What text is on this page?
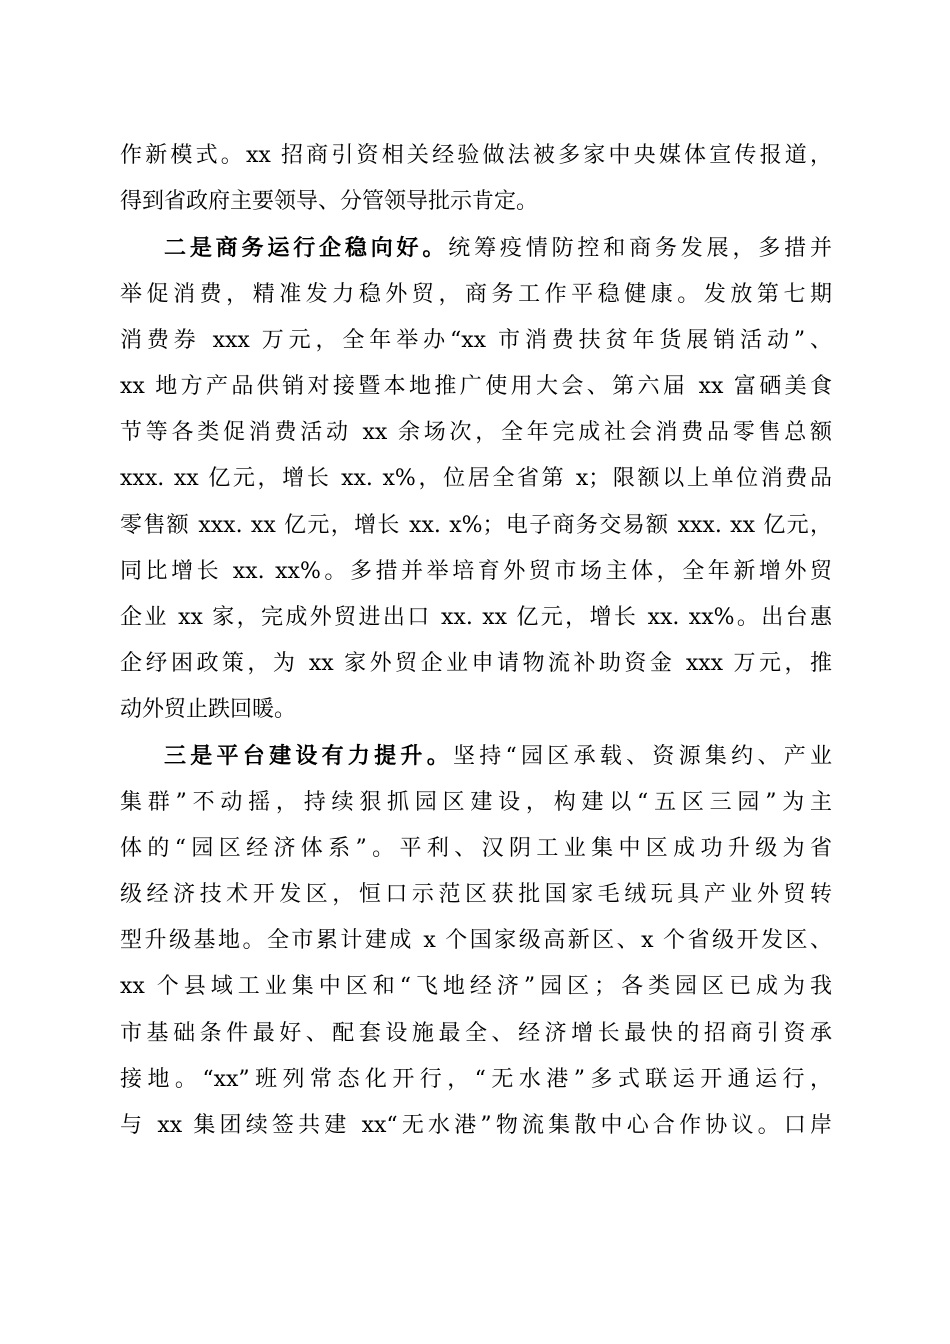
作新模式。xx 招商引资相关经验做法被多家中央媒体宣传报道，
得到省政府主要领导、分管领导批示肯定。
二是商务运行企稳向好。统筹疫情防控和商务发展，多措并
举促消费，精准发力稳外贸，商务工作平稳健康。发放第七期
消费券 xxx 万元，全年举办“xx 市消费扶贫年货展销活动”、
xx 地方产品供销对接暨本地推广使用大会、第六届 xx 富硒美食
节等各类促消费活动 xx 余场次，全年完成社会消费品零售总额
xxx. xx 亿元，增长 xx. x%，位居全省第 x；限额以上单位消费品
零售额 xxx. xx 亿元，增长 xx. x%；电子商务交易额 xxx. xx 亿元，
同比增长 xx. xx%。多措并举培育外贸市场主体，全年新增外贸
企业 xx 家，完成外贸进出口 xx. xx 亿元，增长 xx. xx%。出台惠
企纾困政策，为 xx 家外贸企业申请物流补助资金 xxx 万元，推
动外贸止跌回暖。
三是平台建设有力提升。坚持“园区承载、资源集约、产业
集群”不动摇，持续狠抓园区建设，构建以“五区三园”为主
体的“园区经济体系”。平利、汉阴工业集中区成功升级为省
级经济技术开发区，恒口示范区获批国家毛绒玩具产业外贸转
型升级基地。全市累计建成 x 个国家级高新区、x 个省级开发区、
xx 个县域工业集中区和“飞地经济”园区；各类园区已成为我
市基础条件最好、配套设施最全、经济增长最快的招商引资承
接地。“xx”班列常态化开行，“无水港”多式联运开通运行，
与 xx 集团续签共建 xx“无水港”物流集散中心合作协议。口岸
